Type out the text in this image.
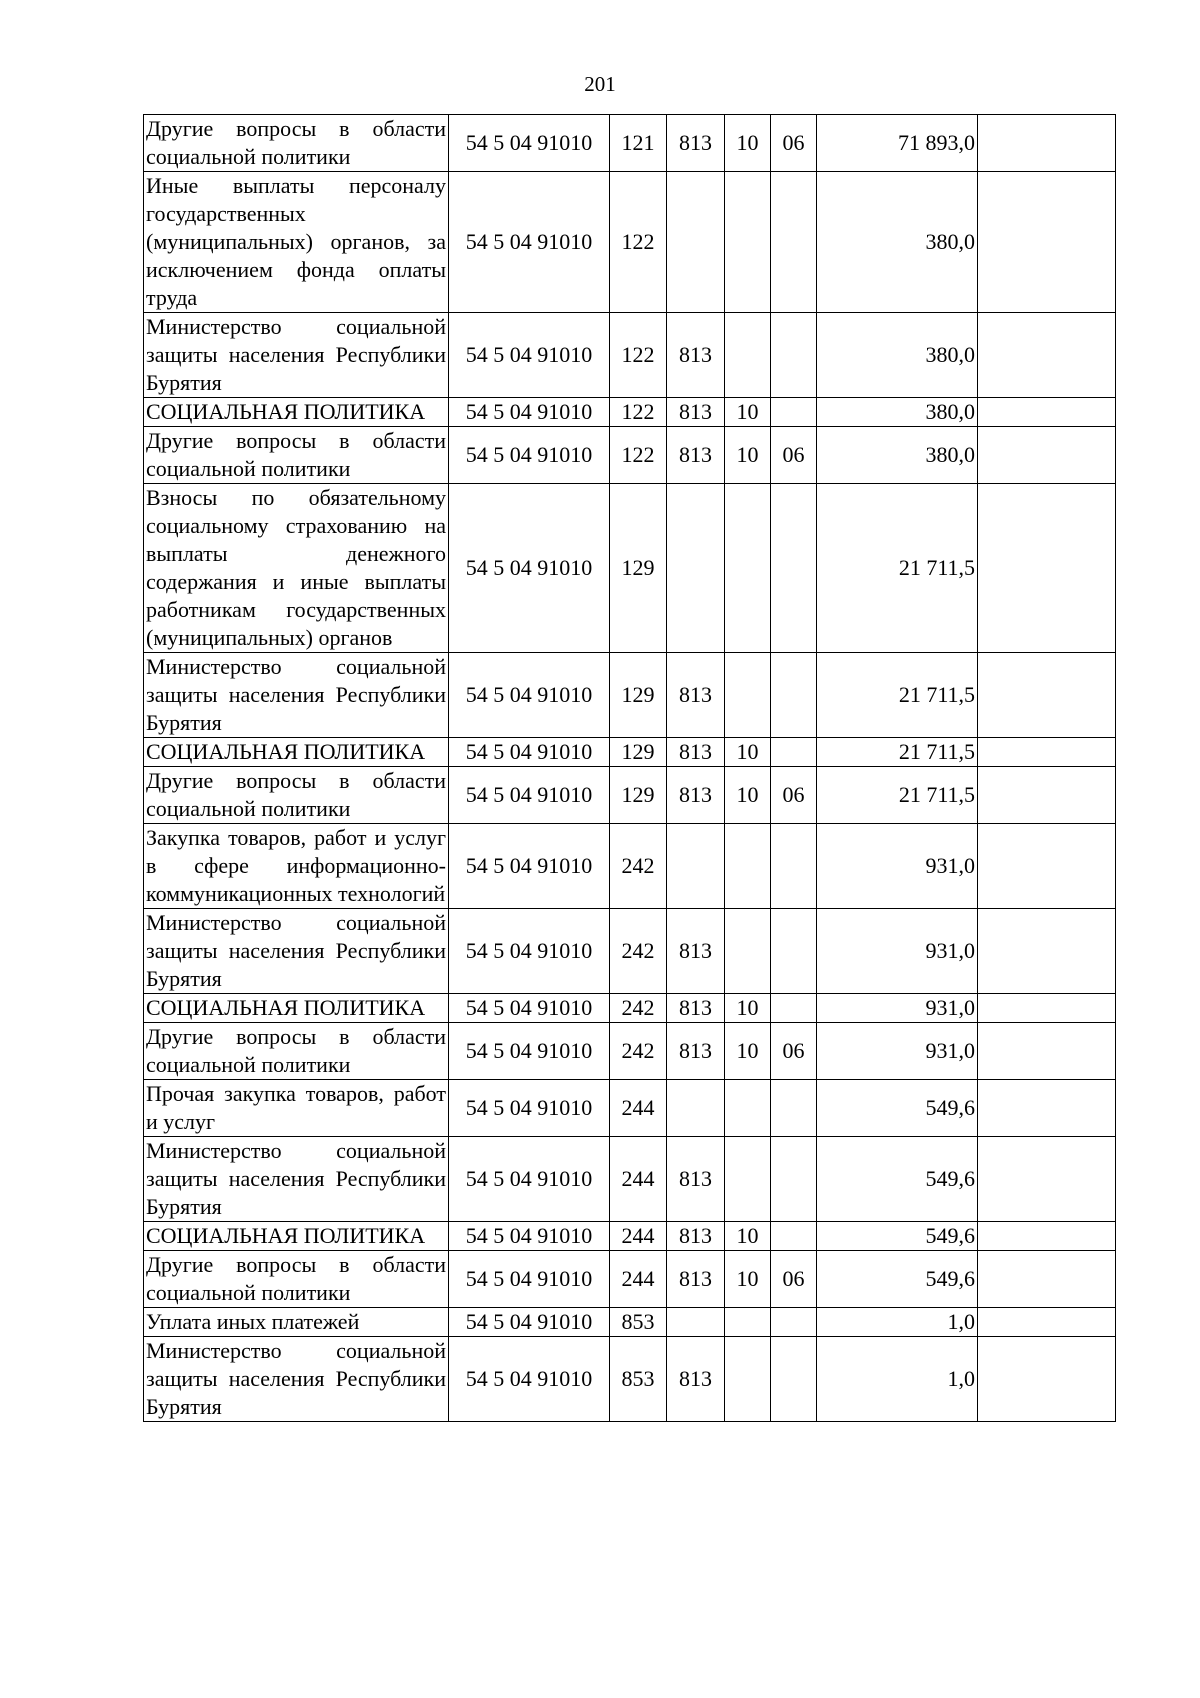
201
Другие вопросы в области социальной политики	54 5 04 91010	121	813	10	06	71 893,0	
Иные выплаты персоналу государственных (муниципальных) органов, за исключением фонда оплаты труда	54 5 04 91010	122				380,0	
Министерство социальной защиты населения Республики Бурятия	54 5 04 91010	122	813			380,0	
СОЦИАЛЬНАЯ ПОЛИТИКА	54 5 04 91010	122	813	10		380,0	
Другие вопросы в области социальной политики	54 5 04 91010	122	813	10	06	380,0	
Взносы по обязательному социальному страхованию на выплаты денежного содержания и иные выплаты работникам государственных (муниципальных) органов	54 5 04 91010	129				21 711,5	
Министерство социальной защиты населения Республики Бурятия	54 5 04 91010	129	813			21 711,5	
СОЦИАЛЬНАЯ ПОЛИТИКА	54 5 04 91010	129	813	10		21 711,5	
Другие вопросы в области социальной политики	54 5 04 91010	129	813	10	06	21 711,5	
Закупка товаров, работ и услуг в сфере информационно-коммуникационных технологий	54 5 04 91010	242				931,0	
Министерство социальной защиты населения Республики Бурятия	54 5 04 91010	242	813			931,0	
СОЦИАЛЬНАЯ ПОЛИТИКА	54 5 04 91010	242	813	10		931,0	
Другие вопросы в области социальной политики	54 5 04 91010	242	813	10	06	931,0	
Прочая закупка товаров, работ и услуг	54 5 04 91010	244				549,6	
Министерство социальной защиты населения Республики Бурятия	54 5 04 91010	244	813			549,6	
СОЦИАЛЬНАЯ ПОЛИТИКА	54 5 04 91010	244	813	10		549,6	
Другие вопросы в области социальной политики	54 5 04 91010	244	813	10	06	549,6	
Уплата иных платежей	54 5 04 91010	853				1,0	
Министерство социальной защиты населения Республики Бурятия	54 5 04 91010	853	813			1,0	
